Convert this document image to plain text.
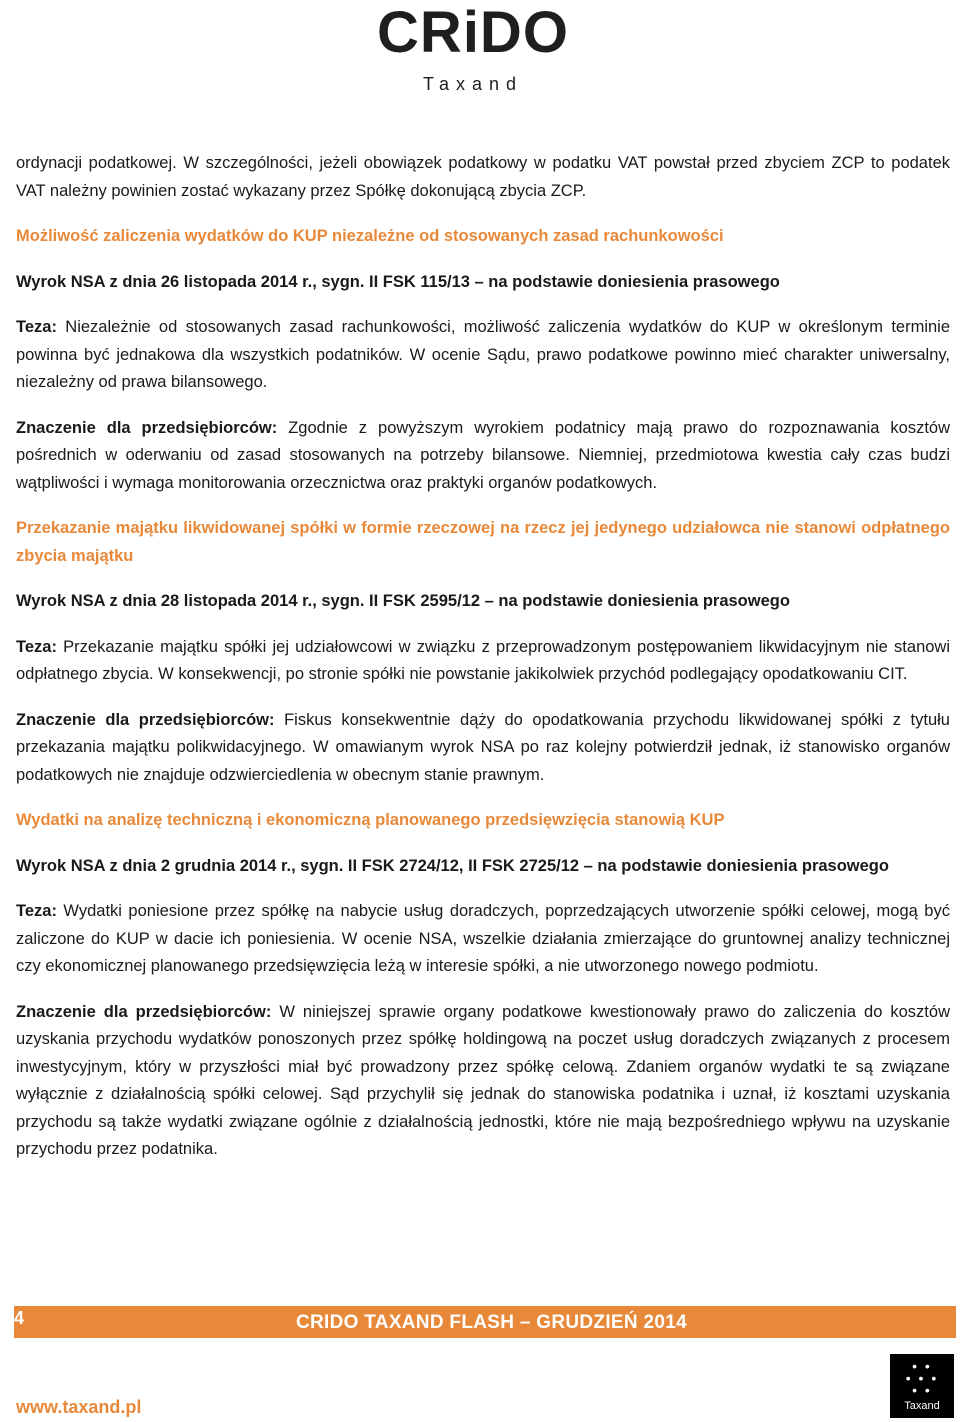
CRiDO
Taxand

ordynacji podatkowej. W szczególności, jeżeli obowiązek podatkowy w podatku VAT powstał przed zbyciem ZCP to podatek VAT należny powinien zostać wykazany przez Spółkę dokonującą zbycia ZCP.

Możliwość zaliczenia wydatków do KUP niezależne od stosowanych zasad rachunkowości

Wyrok NSA z dnia 26 listopada 2014 r., sygn. II FSK 115/13 – na podstawie doniesienia prasowego

Teza: Niezależnie od stosowanych zasad rachunkowości, możliwość zaliczenia wydatków do KUP w określonym terminie powinna być jednakowa dla wszystkich podatników. W ocenie Sądu, prawo podatkowe powinno mieć charakter uniwersalny, niezależny od prawa bilansowego.

Znaczenie dla przedsiębiorców: Zgodnie z powyższym wyrokiem podatnicy mają prawo do rozpoznawania kosztów pośrednich w oderwaniu od zasad stosowanych na potrzeby bilansowe. Niemniej, przedmiotowa kwestia cały czas budzi wątpliwości i wymaga monitorowania orzecznictwa oraz praktyki organów podatkowych.

Przekazanie majątku likwidowanej spółki w formie rzeczowej na rzecz jej jedynego udziałowca nie stanowi odpłatnego zbycia majątku

Wyrok NSA z dnia 28 listopada 2014 r., sygn. II FSK 2595/12 – na podstawie doniesienia prasowego

Teza: Przekazanie majątku spółki jej udziałowcowi w związku z przeprowadzonym postępowaniem likwidacyjnym nie stanowi odpłatnego zbycia. W konsekwencji, po stronie spółki nie powstanie jakikolwiek przychód podlegający opodatkowaniu CIT.

Znaczenie dla przedsiębiorców: Fiskus konsekwentnie dąży do opodatkowania przychodu likwidowanej spółki z tytułu przekazania majątku polikwidacyjnego. W omawianym wyrok NSA po raz kolejny potwierdził jednak, iż stanowisko organów podatkowych nie znajduje odzwierciedlenia w obecnym stanie prawnym.

Wydatki na analizę techniczną i ekonomiczną planowanego przedsięwzięcia stanowią KUP

Wyrok NSA z dnia 2 grudnia 2014 r., sygn. II FSK 2724/12, II FSK 2725/12 – na podstawie doniesienia prasowego

Teza: Wydatki poniesione przez spółkę na nabycie usług doradczych, poprzedzających utworzenie spółki celowej, mogą być zaliczone do KUP w dacie ich poniesienia. W ocenie NSA, wszelkie działania zmierzające do gruntownej analizy technicznej czy ekonomicznej planowanego przedsięwzięcia leżą w interesie spółki, a nie utworzonego nowego podmiotu.

Znaczenie dla przedsiębiorców: W niniejszej sprawie organy podatkowe kwestionowały prawo do zaliczenia do kosztów uzyskania przychodu wydatków ponoszonych przez spółkę holdingową na poczet usług doradczych związanych z procesem inwestycyjnym, który w przyszłości miał być prowadzony przez spółkę celową. Zdaniem organów wydatki te są związane wyłącznie z działalnością spółki celowej. Sąd przychylił się jednak do stanowiska podatnika i uznał, iż kosztami uzyskania przychodu są także wydatki związane ogólnie z działalnością jednostki, które nie mają bezpośredniego wpływu na uzyskanie przychodu przez podatnika.

4	CRIDO TAXAND FLASH – GRUDZIEŃ 2014
www.taxand.pl
• •
• • •
• •
Taxand
